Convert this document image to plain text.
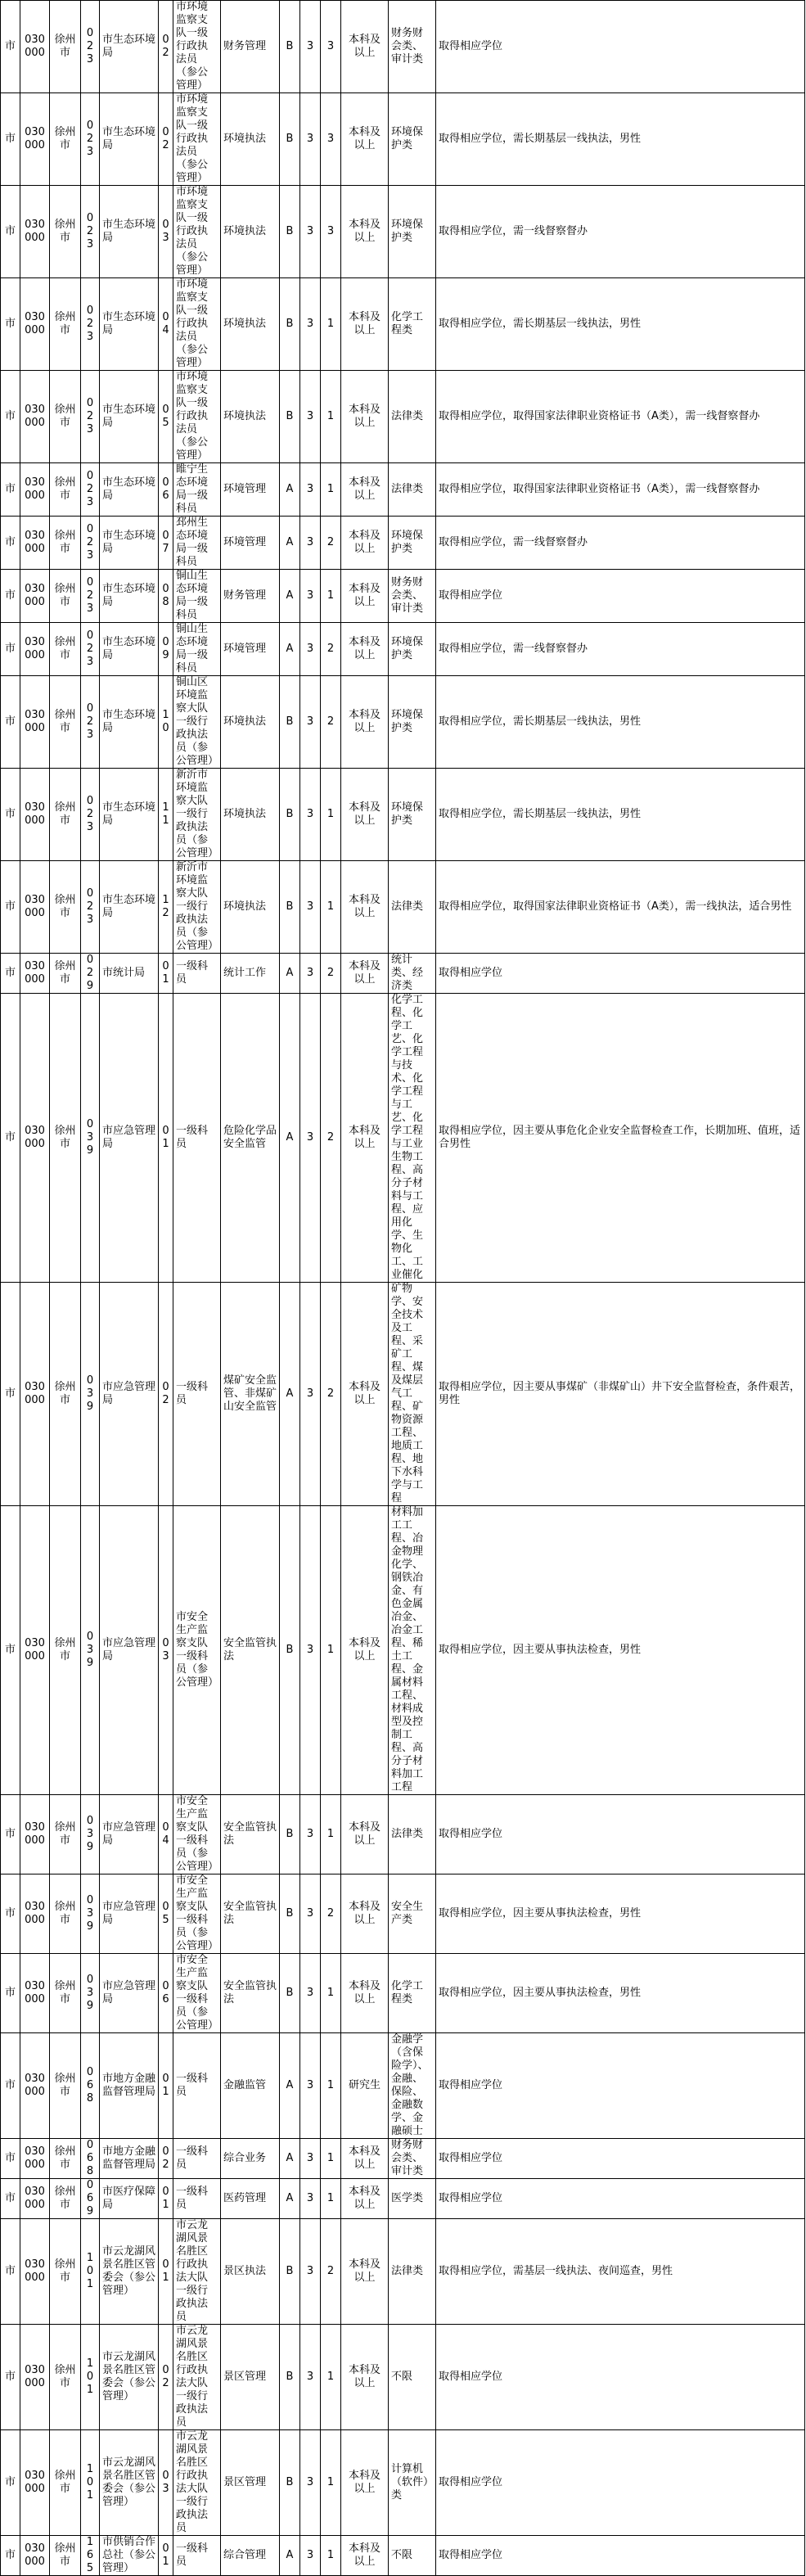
市	030000	徐州市	023	市生态环境局	02	市环境监察支队一级行政执法员（参公管理）	财务管理	B	3	3	本科及以上	财务财会类、审计类	取得相应学位
市	030000	徐州市	023	市生态环境局	02	市环境监察支队一级行政执法员（参公管理）	环境执法	B	3	3	本科及以上	环境保护类	取得相应学位，需长期基层一线执法，男性
市	030000	徐州市	023	市生态环境局	03	市环境监察支队一级行政执法员（参公管理）	环境执法	B	3	3	本科及以上	环境保护类	取得相应学位，需一线督察督办
市	030000	徐州市	023	市生态环境局	04	市环境监察支队一级行政执法员（参公管理）	环境执法	B	3	1	本科及以上	化学工程类	取得相应学位，需长期基层一线执法，男性
市	030000	徐州市	023	市生态环境局	05	市环境监察支队一级行政执法员（参公管理）	环境执法	B	3	1	本科及以上	法律类	取得相应学位，取得国家法律职业资格证书（A类），需一线督察督办
市	030000	徐州市	023	市生态环境局	06	睢宁生态环境局一级科员	环境管理	A	3	1	本科及以上	法律类	取得相应学位，取得国家法律职业资格证书（A类），需一线督察督办
市	030000	徐州市	023	市生态环境局	07	邳州生态环境局一级科员	环境管理	A	3	2	本科及以上	环境保护类	取得相应学位，需一线督察督办
市	030000	徐州市	023	市生态环境局	08	铜山生态环境局一级科员	财务管理	A	3	1	本科及以上	财务财会类、审计类	取得相应学位
市	030000	徐州市	023	市生态环境局	09	铜山生态环境局一级科员	环境管理	A	3	2	本科及以上	环境保护类	取得相应学位，需一线督察督办
市	030000	徐州市	023	市生态环境局	10	铜山区环境监察大队一级行政执法员（参公管理）	环境执法	B	3	2	本科及以上	环境保护类	取得相应学位，需长期基层一线执法，男性
市	030000	徐州市	023	市生态环境局	11	新沂市环境监察大队一级行政执法员（参公管理）	环境执法	B	3	1	本科及以上	环境保护类	取得相应学位，需长期基层一线执法，男性
市	030000	徐州市	023	市生态环境局	12	新沂市环境监察大队一级行政执法员（参公管理）	环境执法	B	3	1	本科及以上	法律类	取得相应学位，取得国家法律职业资格证书（A类），需一线执法，适合男性
市	030000	徐州市	029	市统计局	01	一级科员	统计工作	A	3	2	本科及以上	统计类、经济类	取得相应学位
市	030000	徐州市	039	市应急管理局	01	一级科员	危险化学品安全监管	A	3	2	本科及以上	化学工程、化学工艺、化学工程与技术、化学工程与工艺、化学工程与工业生物工程、高分子材料与工程、应用化学、生物化工、工业催化	取得相应学位，因主要从事危化企业安全监督检查工作，长期加班、值班，适合男性
市	030000	徐州市	039	市应急管理局	02	一级科员	煤矿安全监管、非煤矿山安全监管	A	3	2	本科及以上	矿物学、安全技术及工程、采矿工程、煤及煤层气工程、矿物资源工程、地质工程、地下水科学与工程	取得相应学位，因主要从事煤矿（非煤矿山）井下安全监督检查，条件艰苦，男性
市	030000	徐州市	039	市应急管理局	03	市安全生产监察支队一级科员（参公管理）	安全监管执法	B	3	1	本科及以上	材料加工工程、冶金物理化学、钢铁冶金、有色金属冶金、冶金工程、稀土工程、金属材料工程、材料成型及控制工程、高分子材料加工工程	取得相应学位，因主要从事执法检查，男性
市	030000	徐州市	039	市应急管理局	04	市安全生产监察支队一级科员（参公管理）	安全监管执法	B	3	1	本科及以上	法律类	取得相应学位
市	030000	徐州市	039	市应急管理局	05	市安全生产监察支队一级科员（参公管理）	安全监管执法	B	3	2	本科及以上	安全生产类	取得相应学位，因主要从事执法检查，男性
市	030000	徐州市	039	市应急管理局	06	市安全生产监察支队一级科员（参公管理）	安全监管执法	B	3	1	本科及以上	化学工程类	取得相应学位，因主要从事执法检查，男性
市	030000	徐州市	068	市地方金融监督管理局	01	一级科员	金融监管	A	3	1	研究生	金融学（含保险学）、金融、保险、金融数学、金融硕士	取得相应学位
市	030000	徐州市	068	市地方金融监督管理局	02	一级科员	综合业务	A	3	1	本科及以上	财务财会类、审计类	取得相应学位
市	030000	徐州市	069	市医疗保障局	01	一级科员	医药管理	A	3	1	本科及以上	医学类	取得相应学位
市	030000	徐州市	101	市云龙湖风景名胜区管委会（参公管理）	01	市云龙湖风景名胜区行政执法大队一级行政执法员	景区执法	B	3	2	本科及以上	法律类	取得相应学位，需基层一线执法、夜间巡查，男性
市	030000	徐州市	101	市云龙湖风景名胜区管委会（参公管理）	02	市云龙湖风景名胜区行政执法大队一级行政执法员	景区管理	B	3	1	本科及以上	不限	取得相应学位
市	030000	徐州市	101	市云龙湖风景名胜区管委会（参公管理）	03	市云龙湖风景名胜区行政执法大队一级行政执法员	景区管理	B	3	1	本科及以上	计算机（软件）类	取得相应学位
市	030000	徐州市	165	市供销合作总社（参公管理）	01	一级科员	综合管理	A	3	1	本科及以上	不限	取得相应学位
